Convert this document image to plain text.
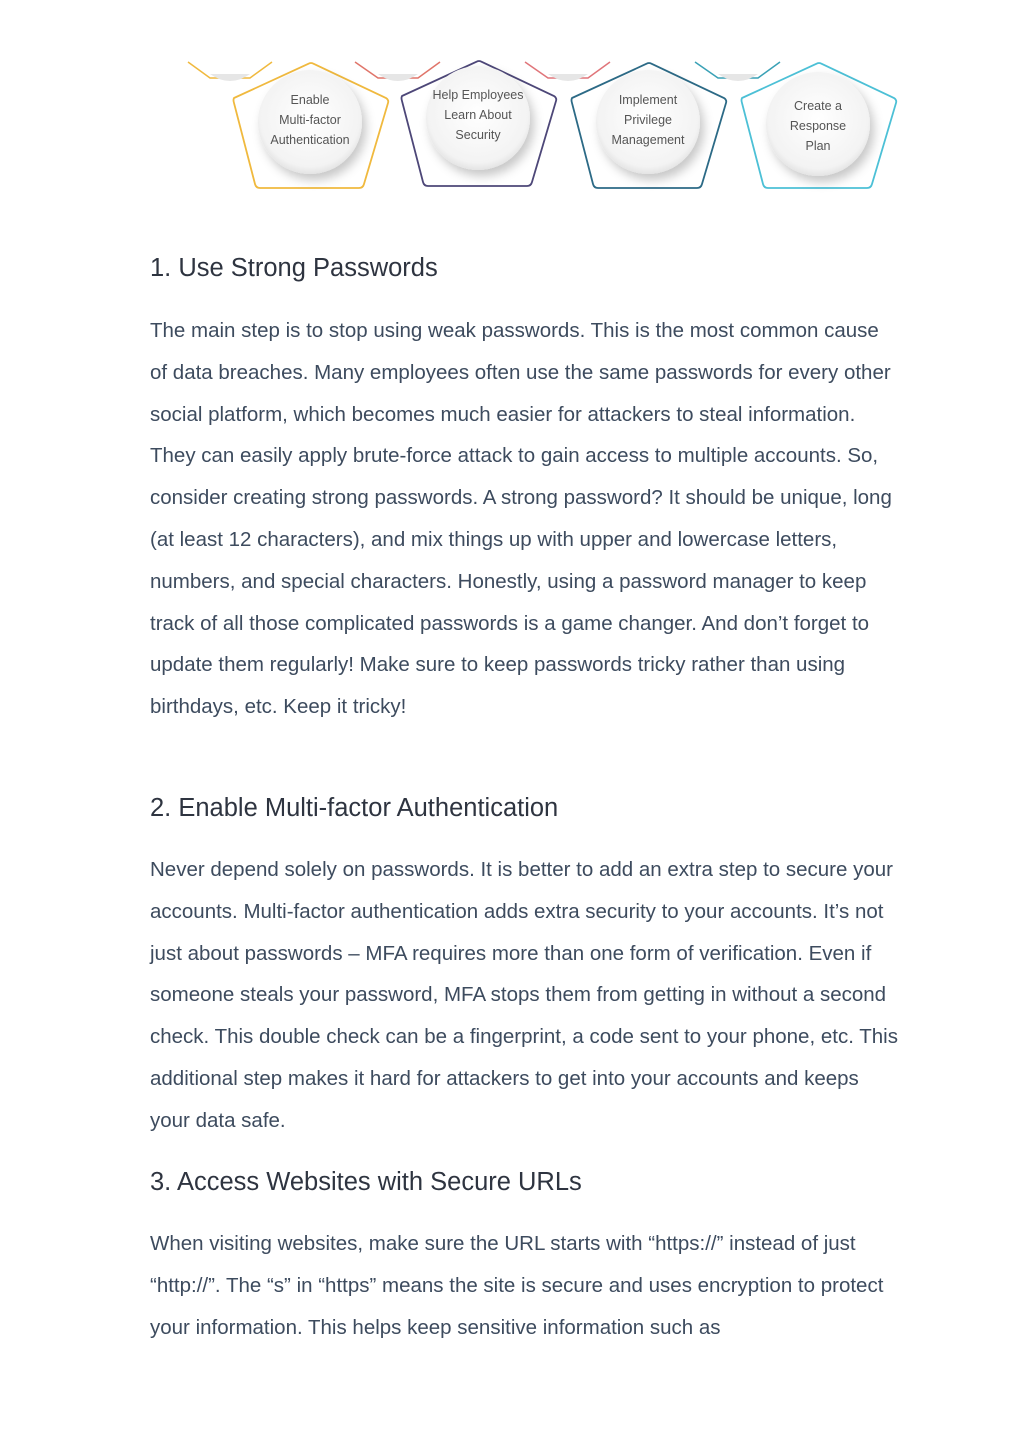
Enable
Multi-factor
Authentication
Help Employees
Learn About
Security
Implement
Privilege
Management
Create a
Response
Plan
1. Use Strong Passwords

The main step is to stop using weak passwords. This is the most common cause of data breaches. Many employees often use the same passwords for every other social platform, which becomes much easier for attackers to steal information. They can easily apply brute-force attack to gain access to multiple accounts. So, consider creating strong passwords. A strong password? It should be unique, long (at least 12 characters), and mix things up with upper and lowercase letters, numbers, and special characters. Honestly, using a password manager to keep track of all those complicated passwords is a game changer. And don’t forget to update them regularly! Make sure to keep passwords tricky rather than using birthdays, etc. Keep it tricky!

2. Enable Multi-factor Authentication

Never depend solely on passwords. It is better to add an extra step to secure your accounts. Multi-factor authentication adds extra security to your accounts. It’s not just about passwords – MFA requires more than one form of verification. Even if someone steals your password, MFA stops them from getting in without a second check. This double check can be a fingerprint, a code sent to your phone, etc. This additional step makes it hard for attackers to get into your accounts and keeps your data safe.

3. Access Websites with Secure URLs

When visiting websites, make sure the URL starts with “https://” instead of just “http://”. The “s” in “https” means the site is secure and uses encryption to protect your information. This helps keep sensitive information such as
